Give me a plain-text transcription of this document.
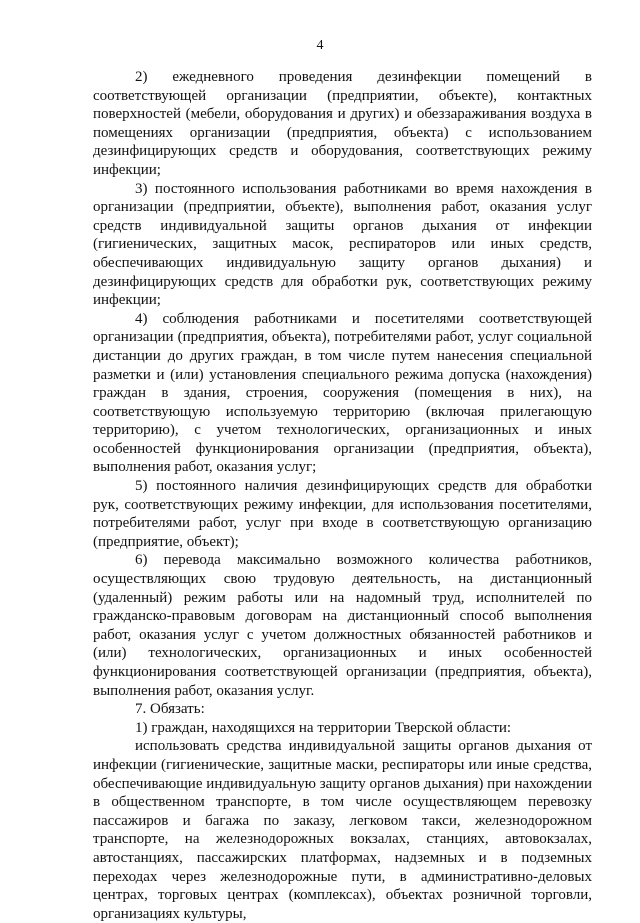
4

2) ежедневного проведения дезинфекции помещений в соответствующей организации (предприятии, объекте), контактных поверхностей (мебели, оборудования и других) и обеззараживания воздуха в помещениях организации (предприятия, объекта) с использованием дезинфицирующих средств и оборудования, соответствующих режиму инфекции;

3) постоянного использования работниками во время нахождения в организации (предприятии, объекте), выполнения работ, оказания услуг средств индивидуальной защиты органов дыхания от инфекции (гигиенических, защитных масок, респираторов или иных средств, обеспечивающих индивидуальную защиту органов дыхания) и дезинфицирующих средств для обработки рук, соответствующих режиму инфекции;

4) соблюдения работниками и посетителями соответствующей организации (предприятия, объекта), потребителями работ, услуг социальной дистанции до других граждан, в том числе путем нанесения специальной разметки и (или) установления специального режима допуска (нахождения) граждан в здания, строения, сооружения (помещения в них), на соответствующую используемую территорию (включая прилегающую территорию), с учетом технологических, организационных и иных особенностей функционирования организации (предприятия, объекта), выполнения работ, оказания услуг;

5) постоянного наличия дезинфицирующих средств для обработки рук, соответствующих режиму инфекции, для использования посетителями, потребителями работ, услуг при входе в соответствующую организацию (предприятие, объект);

6) перевода максимально возможного количества работников, осуществляющих свою трудовую деятельность, на дистанционный (удаленный) режим работы или на надомный труд, исполнителей по гражданско-правовым договорам на дистанционный способ выполнения работ, оказания услуг с учетом должностных обязанностей работников и (или) технологических, организационных и иных особенностей функционирования соответствующей организации (предприятия, объекта), выполнения работ, оказания услуг.

7. Обязать:

1) граждан, находящихся на территории Тверской области:

использовать средства индивидуальной защиты органов дыхания от инфекции (гигиенические, защитные маски, респираторы или иные средства, обеспечивающие индивидуальную защиту органов дыхания) при нахождении в общественном транспорте, в том числе осуществляющем перевозку пассажиров и багажа по заказу, легковом такси, железнодорожном транспорте, на железнодорожных вокзалах, станциях, автовокзалах, автостанциях, пассажирских платформах, надземных и в подземных переходах через железнодорожные пути, в административно-деловых центрах, торговых центрах (комплексах), объектах розничной торговли, организациях культуры,
